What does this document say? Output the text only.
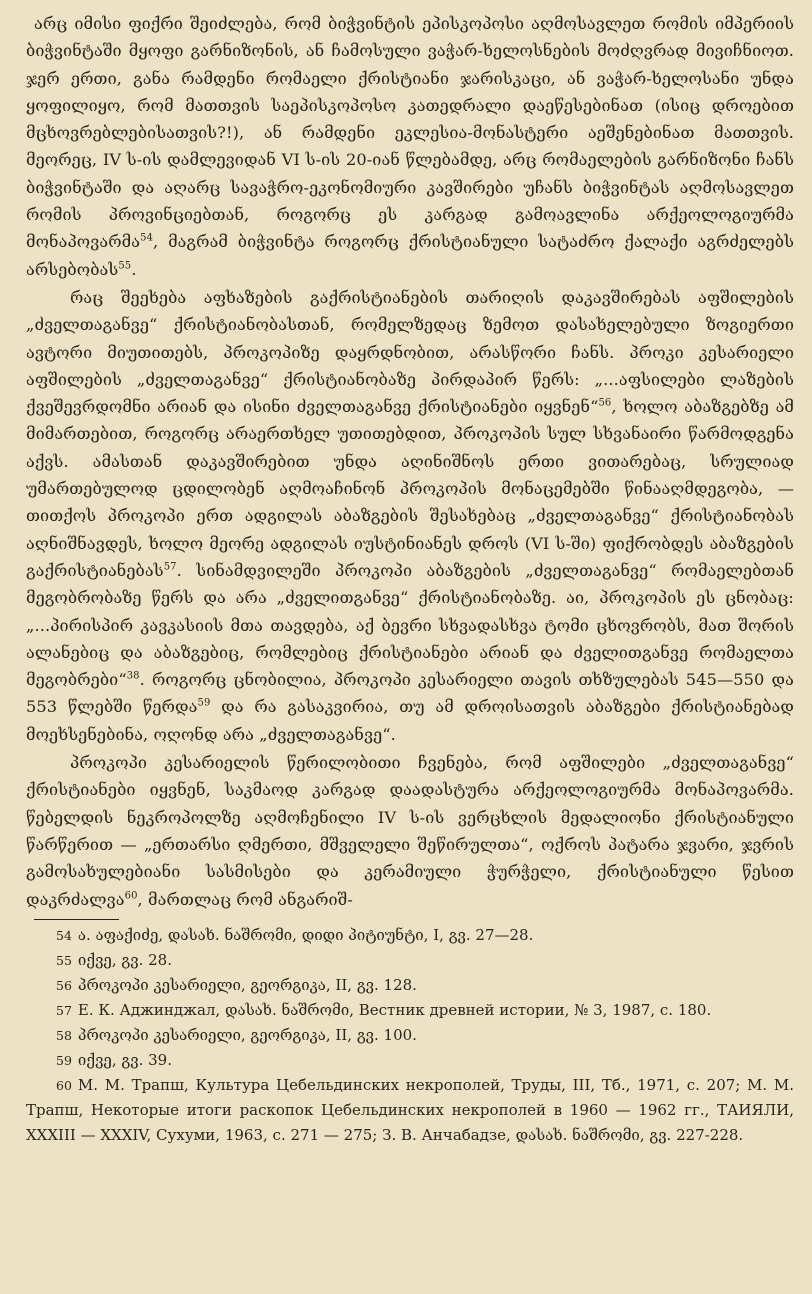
არც იმისი ფიქრი შეიძლება, რომ ბიჭვინტის ეპისკოპოსი აღმოსავლეთ რომის იმპერიის ბიჭვინტაში მყოფი გარნიზონის, ან ჩამოსული ვაჭარ-ხელოსნების მოძღვრად მივიჩნიოთ. ჯერ ერთი, განა რამდენი რომაელი ქრისტიანი ჯარისკაცი, ან ვაჭარ-ხელოსანი უნდა ყოფილიყო, რომ მათთვის საეპისკოპოსო კათედრალი დაეწესებინათ (ისიც დროებით მცხოვრებლებისათვის?!), ან რამდენი ეკლესია-მონასტერი აეშენებინათ მათთვის. მეორეც, IV ს-ის დამლევიდან VI ს-ის 20-იან წლებამდე, არც რომაელების გარნიზონი ჩანს ბიჭვინტაში და აღარც სავაჭრო-ეკონომიური კავშირები უჩანს ბიჭვინტას აღმოსავლეთ რომის პროვინციებთან, როგორც ეს კარგად გამოავლინა არქეოლოგიურმა მონაპოვარმა$^{54}$, მაგრამ ბიჭვინტა როგორც ქრისტიანული სატაძრო ქალაქი აგრძელებს არსებობას$^{55}$.

რაც შეეხება აფხაზების გაქრისტიანების თარიღის დაკავშირებას აფშილების „ძველთაგანვე“ ქრისტიანობასთან, რომელზედაც ზემოთ დასახელებული ზოგიერთი ავტორი მიუთითებს, პროკოპიზე დაყრდნობით, არასწორი ჩანს. პროკი კესარიელი აფშილების „ძველთაგანვე“ ქრისტიანობაზე პირდაპირ წერს: „...აფსილები ლაზების ქვეშევრდომნი არიან და ისინი ძველთაგანვე ქრისტიანები იყვნენ“$^{56}$, ხოლო აბაზგებზე ამ მიმართებით, როგორც არაერთხელ უთითებდით, პროკოპის სულ სხვანაირი წარმოდგენა აქვს. ამასთან დაკავშირებით უნდა აღინიშნოს ერთი ვითარებაც, სრულიად უმართებულოდ ცდილობენ აღმოაჩინონ პროკოპის მონაცემებში წინააღმდეგობა, — თითქოს პროკოპი ერთ ადგილას აბაზგების შესახებაც „ძველთაგანვე“ ქრისტიანობას აღნიშნავდეს, ხოლო მეორე ადგილას იუსტინიანეს დროს (VI ს-ში) ფიქრობდეს აბაზგების გაქრისტიანებას$^{57}$. სინამდვილეში პროკოპი აბაზგების „ძველთაგანვე“ რომაელებთან მეგობრობაზე წერს და არა „ძველითგანვე“ ქრისტიანობაზე. აი, პროკოპის ეს ცნობაც: „...პირისპირ კავკასიის მთა თავდება, აქ ბევრი სხვადასხვა ტომი ცხოვრობს, მათ შორის ალანებიც და აბაზგებიც, რომლებიც ქრისტიანები არიან და ძველითგანვე რომაელთა მეგობრები“$^{38}$. როგორც ცნობილია, პროკოპი კესარიელი თავის თხზულებას 545—550 და 553 წლებში წერდა$^{59}$ და რა გასაკვირია, თუ ამ დროისათვის აბაზგები ქრისტიანებად მოეხსენებინა, ოღონდ არა „ძველთაგანვე“.

პროკოპი კესარიელის წერილობითი ჩვენება, რომ აფშილები „ძველთაგანვე“ ქრისტიანები იყვნენ, საკმაოდ კარგად დაადასტურა არქეოლოგიურმა მონაპოვარმა. წებელდის ნეკროპოლზე აღმოჩენილი IV ს-ის ვერცხლის მედალიონი ქრისტიანული წარწერით — „ერთარსი ღმერთი, მშველელი შეწირულთა“, ოქროს პატარა ჯვარი, ჯვრის გამოსახულებიანი სასმისები და კერამიული ჭურჭელი, ქრისტიანული წესით დაკრძალვა$^{60}$, მართლაც რომ ანგარიშ-

54 ა. აფაქიძე, დასახ. ნაშრომი, დიდი პიტიუნტი, I, გვ. 27—28.
55 იქვე, გვ. 28.
56 პროკოპი კესარიელი, გეორგიკა, II, გვ. 128.
57 Е. К. Аджинджал, დასახ. ნაშრომი, Вестник древней истории, № 3, 1987, с. 180.
58 პროკოპი კესარიელი, გეორგიკა, II, გვ. 100.
59 იქვე, გვ. 39.
60 М. М. Трапш, Культура Цебельдинских некрополей, Труды, III, Тб., 1971, с. 207; М. М. Трапш, Некоторые итоги раскопок Цебельдинских некрополей в 1960 — 1962 гг., ТАИЯЛИ, XXXIII — XXXIV, Сухуми, 1963, с. 271 — 275; З. В. Анчабадзе, დასახ. ნაშრომი, გვ. 227-228.
